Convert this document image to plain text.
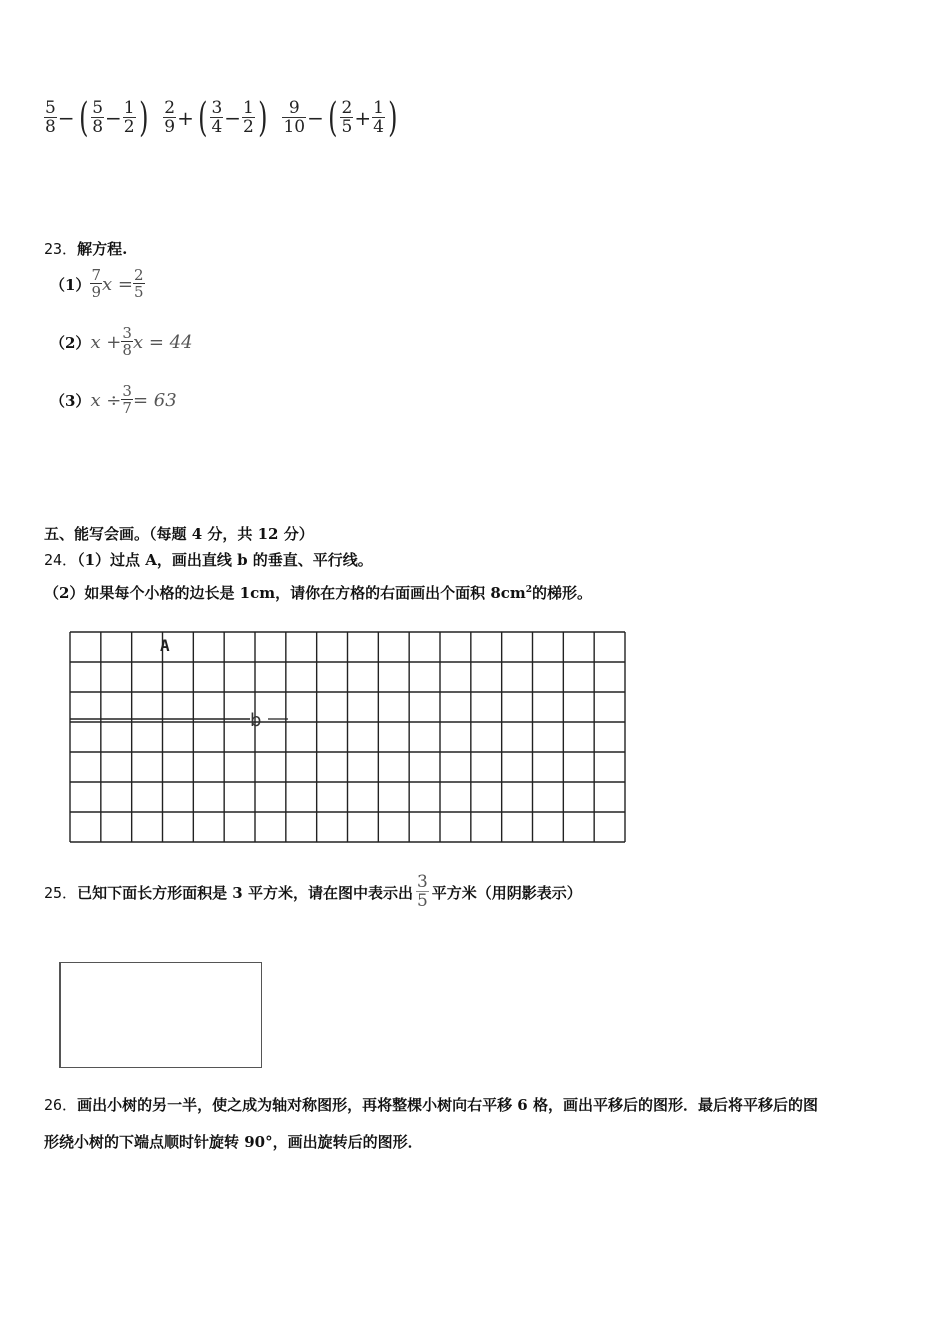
$\frac{5}{8}$ − ( $\frac{5}{8} - \frac{1}{2}$ ) $\frac{2}{9}$ + ( $\frac{3}{4} - \frac{1}{2}$ ) $\frac{9}{10}$ − ( $\frac{2}{5} + \frac{1}{4}$ )
23．解方程.
$(1) \frac{7}{9}$ $x = \frac{2}{5}$
（2） $x + \frac{3}{8}$ x = 44
（3） $x \div \frac{3}{7} = 63$
五、能写会画。（每题 4 分，共 12 分）
24．（1）过点 A，画出直线 b 的垂直、平行线。
（2）如果每个小格的边长是 1cm，请你在方格的右面画出个面积 $8cm^2$的梯形。
b
A
25． 已知下面长方形面积是 3 平方米，请在图中表示出 $\frac{3}{5}$ 平方米（用阴影表示）
26．画出小树的另一半，使之成为轴对称图形，再将整棵小树向右平移 6 格，画出平移后的图形．最后将平移后的图
形绕小树的下端点顺时针旋转 90°，画出旋转后的图形．
